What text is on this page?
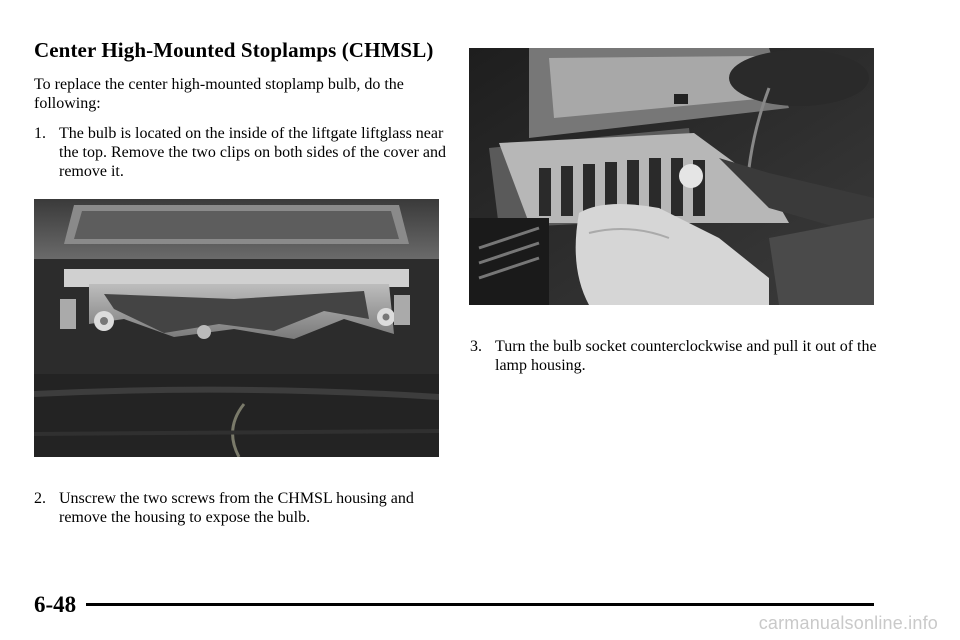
Center High-Mounted Stoplamps (CHMSL)

To replace the center high-mounted stoplamp bulb, do the following:

1. The bulb is located on the inside of the liftgate liftglass near the top. Remove the two clips on both sides of the cover and remove it.
2. Unscrew the two screws from the CHMSL housing and remove the housing to expose the bulb.
3. Turn the bulb socket counterclockwise and pull it out of the lamp housing.

6-48

carmanualsonline.info
